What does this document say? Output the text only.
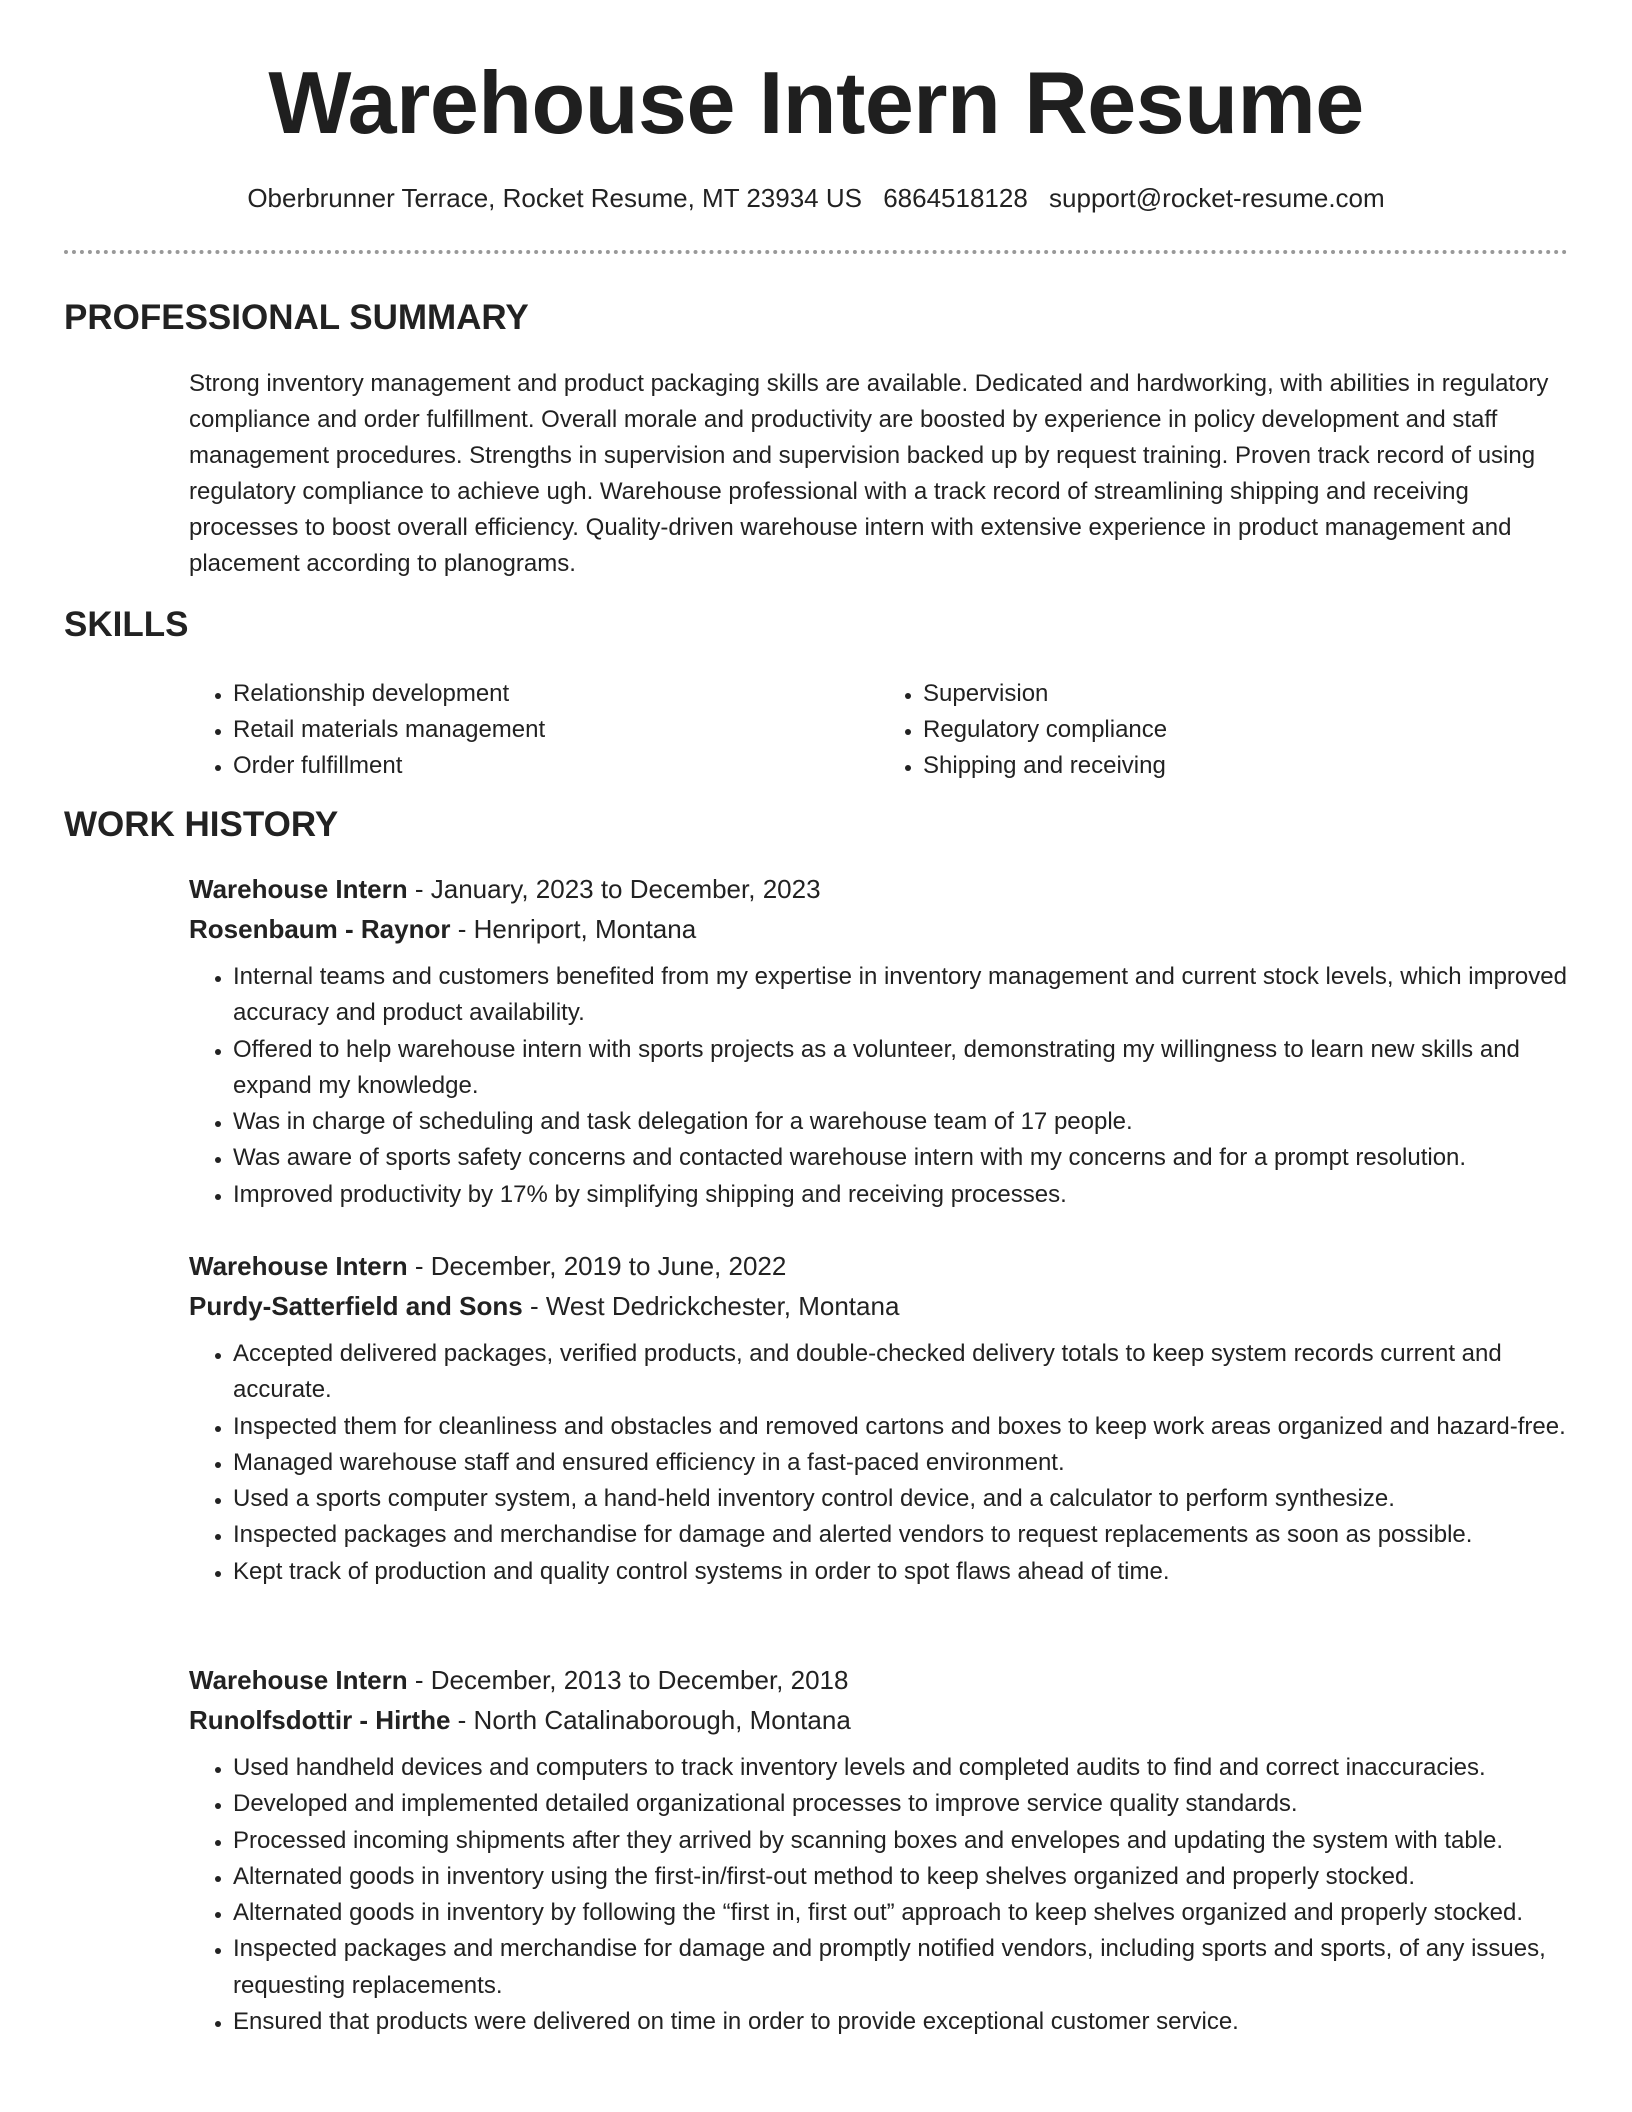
Warehouse Intern Resume
Oberbrunner Terrace, Rocket Resume, MT 23934 US 6864518128 support@rocket-resume.com
PROFESSIONAL SUMMARY

Strong inventory management and product packaging skills are available. Dedicated and hardworking, with abilities in regulatory compliance and order fulfillment. Overall morale and productivity are boosted by experience in policy development and staff management procedures. Strengths in supervision and supervision backed up by request training. Proven track record of using regulatory compliance to achieve ugh. Warehouse professional with a track record of streamlining shipping and receiving processes to boost overall efficiency. Quality-driven warehouse intern with extensive experience in product management and placement according to planograms.

SKILLS
• Relationship development
• Retail materials management
• Order fulfillment
• Supervision
• Regulatory compliance
• Shipping and receiving
WORK HISTORY

Warehouse Intern - January, 2023 to December, 2023

Rosenbaum - Raynor - Henriport, Montana

• Internal teams and customers benefited from my expertise in inventory management and current stock levels, which improved accuracy and product availability.
• Offered to help warehouse intern with sports projects as a volunteer, demonstrating my willingness to learn new skills and expand my knowledge.
• Was in charge of scheduling and task delegation for a warehouse team of 17 people.
• Was aware of sports safety concerns and contacted warehouse intern with my concerns and for a prompt resolution.
• Improved productivity by 17% by simplifying shipping and receiving processes.

Warehouse Intern - December, 2019 to June, 2022

Purdy-Satterfield and Sons - West Dedrickchester, Montana

• Accepted delivered packages, verified products, and double-checked delivery totals to keep system records current and accurate.
• Inspected them for cleanliness and obstacles and removed cartons and boxes to keep work areas organized and hazard-free.
• Managed warehouse staff and ensured efficiency in a fast-paced environment.
• Used a sports computer system, a hand-held inventory control device, and a calculator to perform synthesize.
• Inspected packages and merchandise for damage and alerted vendors to request replacements as soon as possible.
• Kept track of production and quality control systems in order to spot flaws ahead of time.

Warehouse Intern - December, 2013 to December, 2018

Runolfsdottir - Hirthe - North Catalinaborough, Montana

• Used handheld devices and computers to track inventory levels and completed audits to find and correct inaccuracies.
• Developed and implemented detailed organizational processes to improve service quality standards.
• Processed incoming shipments after they arrived by scanning boxes and envelopes and updating the system with table.
• Alternated goods in inventory using the first-in/first-out method to keep shelves organized and properly stocked.
• Alternated goods in inventory by following the “first in, first out” approach to keep shelves organized and properly stocked.
• Inspected packages and merchandise for damage and promptly notified vendors, including sports and sports, of any issues, requesting replacements.
• Ensured that products were delivered on time in order to provide exceptional customer service.
